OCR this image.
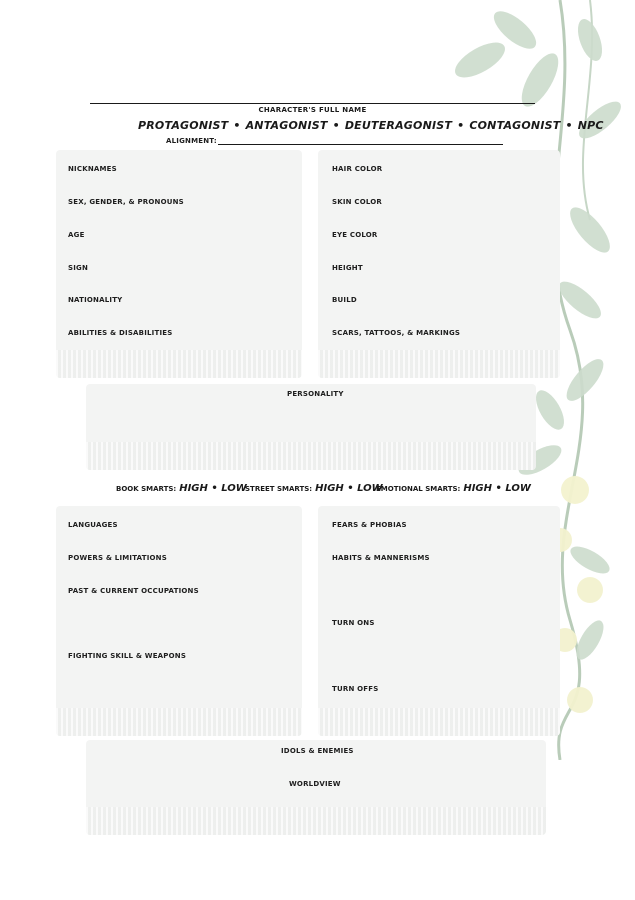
CHARACTER'S FULL NAME
PROTAGONIST • ANTAGONIST • DEUTERAGONIST • CONTAGONIST • NPC
ALIGNMENT:
NICKNAMES
SEX, GENDER, & PRONOUNS
AGE
SIGN
NATIONALITY
ABILITIES & DISABILITIES
HAIR COLOR
SKIN COLOR
EYE COLOR
HEIGHT
BUILD
SCARS, TATTOOS, & MARKINGS
PERSONALITY
BOOK SMARTS: HIGH • LOW
STREET SMARTS: HIGH • LOW
EMOTIONAL SMARTS: HIGH • LOW
LANGUAGES
POWERS & LIMITATIONS
PAST & CURRENT OCCUPATIONS
FIGHTING SKILL & WEAPONS
FEARS & PHOBIAS
HABITS & MANNERISMS
TURN ONS
TURN OFFS
IDOLS & ENEMIES
WORLDVIEW
